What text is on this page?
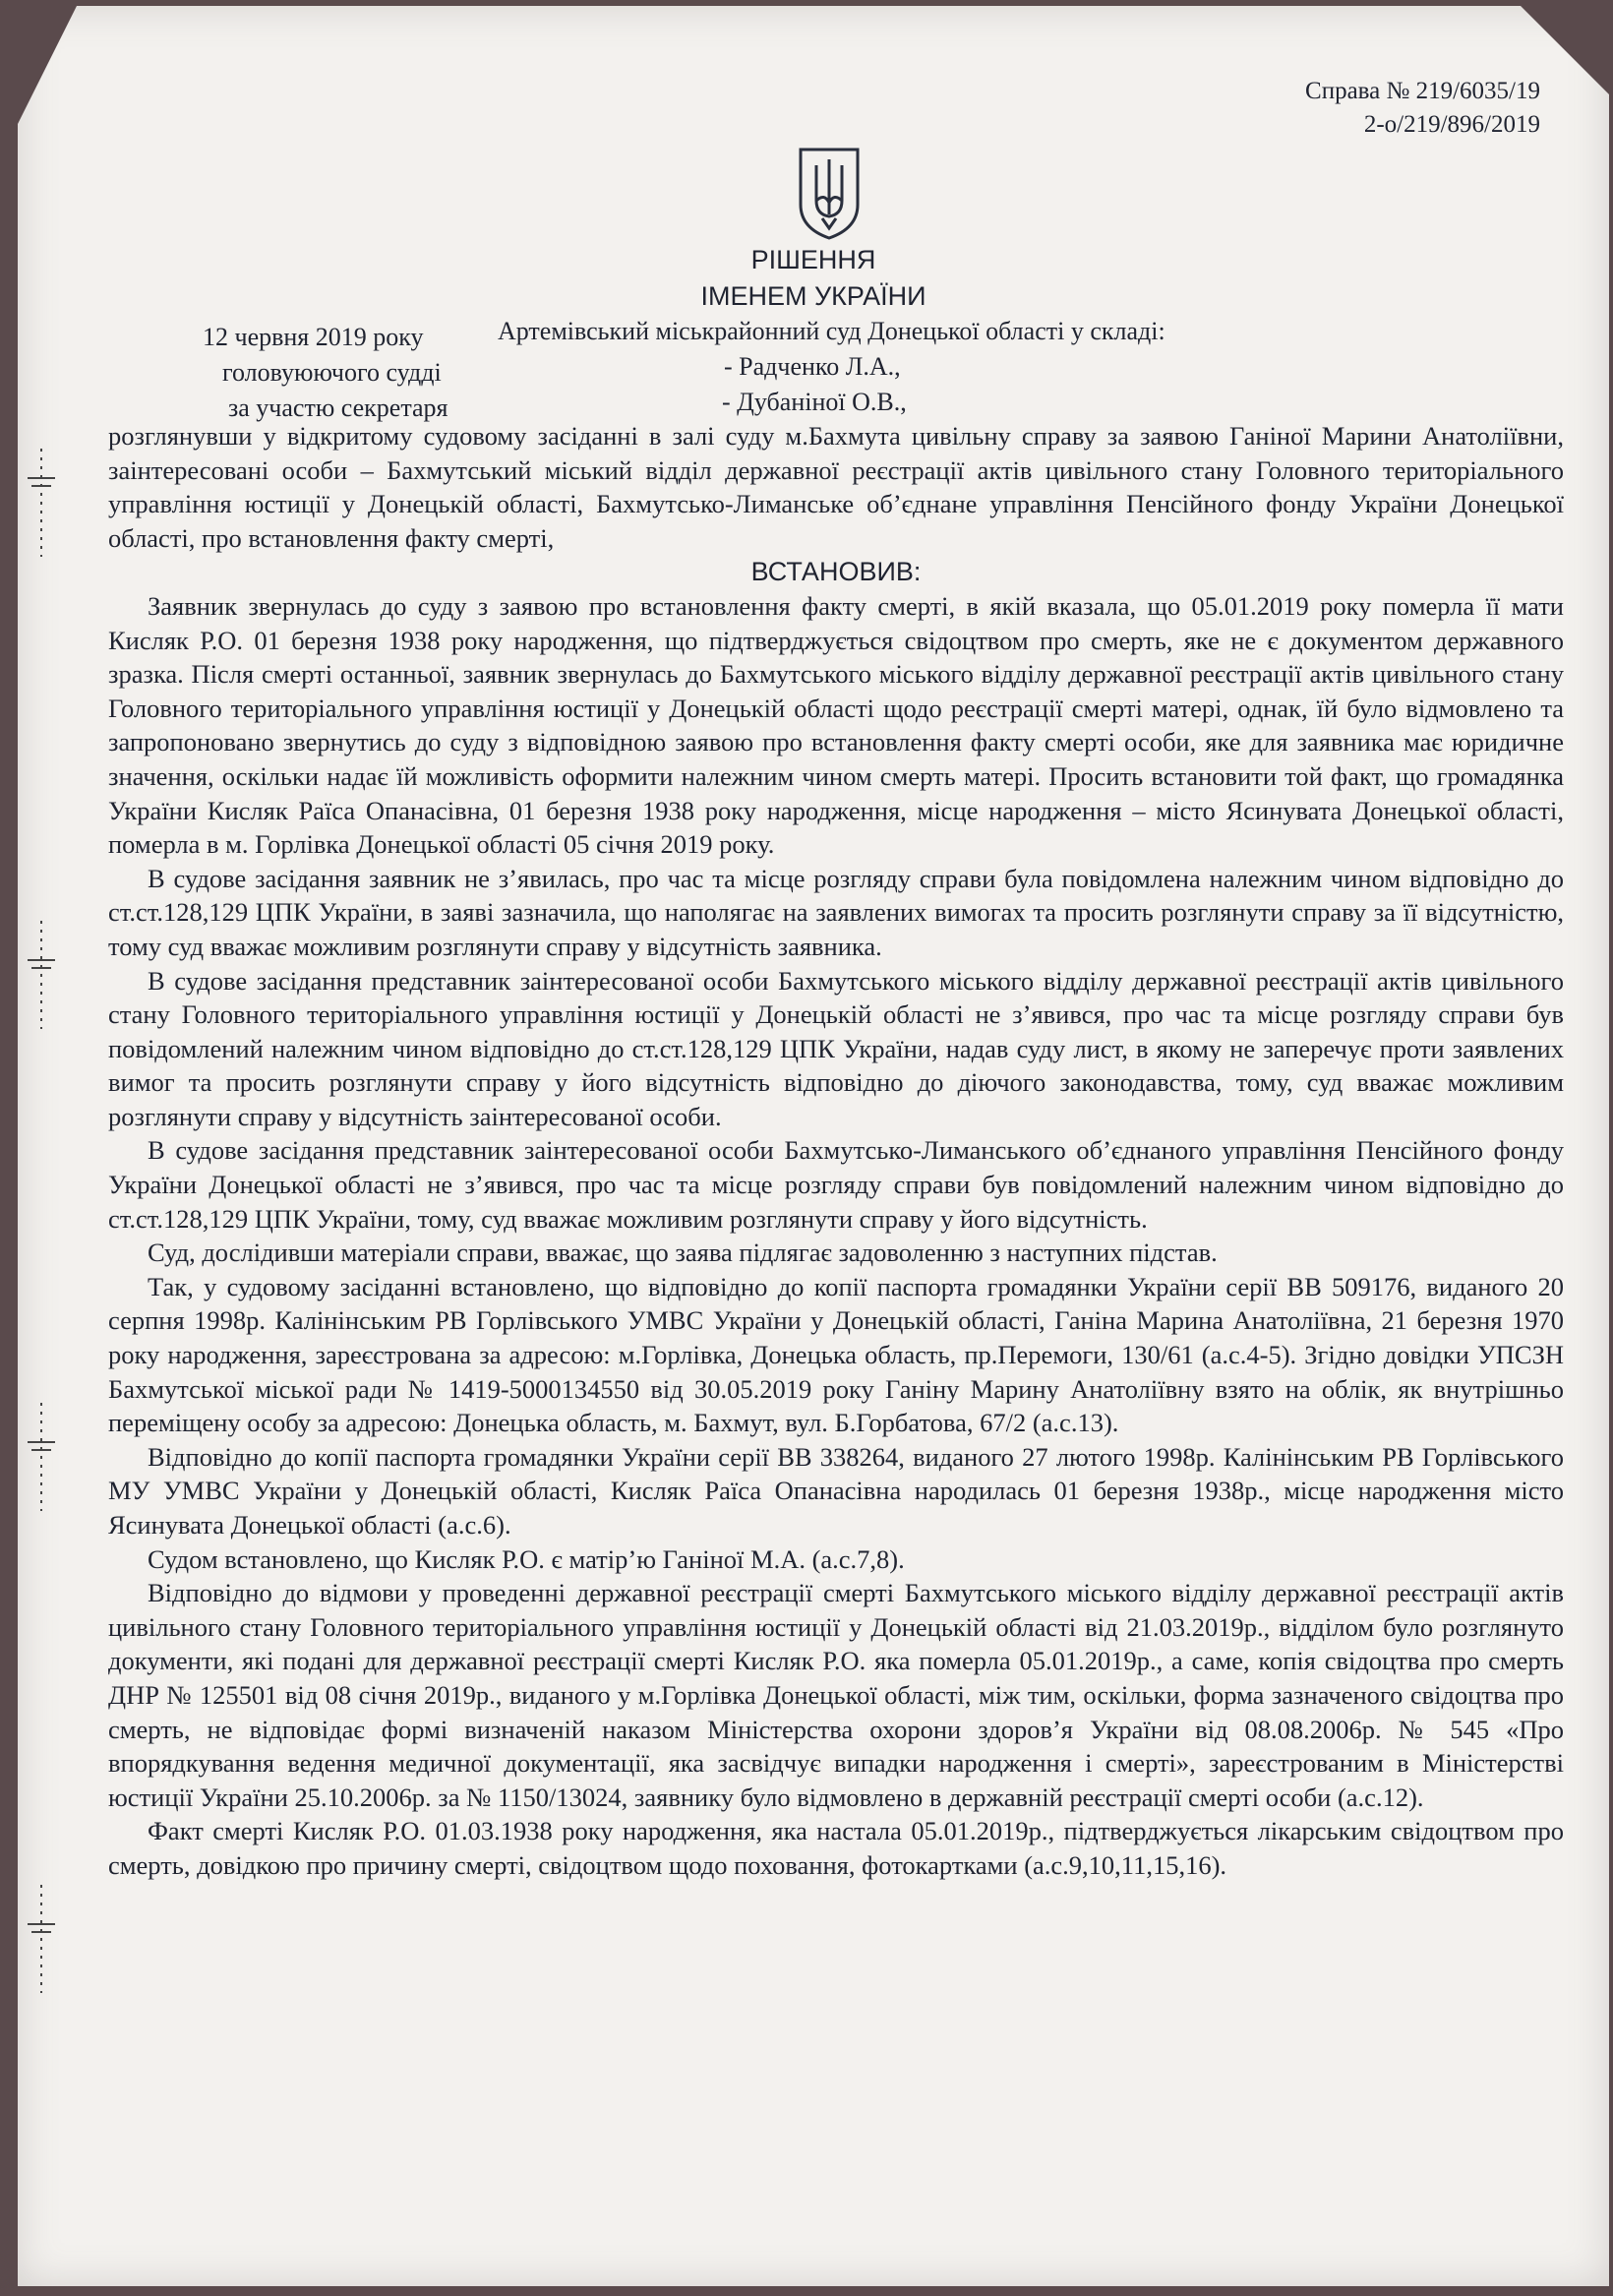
Справа № 219/6035/19
2-о/219/896/2019
РІШЕННЯ
ІМЕНЕМ УКРАЇНИ
12 червня 2019 року	Артемівський міськрайонний суд Донецької області у складі:
головуюючого судді	- Радченко Л.А.,
за участю секретаря	- Дубаніної О.В.,

розглянувши у відкритому судовому засіданні в залі суду м.Бахмута цивільну справу за заявою Ганіної Марини Анатоліївни, заінтересовані особи – Бахмутський міський відділ державної реєстрації актів цивільного стану Головного територіального управління юстиції у Донецькій області, Бахмутсько-Лиманське об’єднане управління Пенсійного фонду України Донецької області, про встановлення факту смерті,

ВСТАНОВИВ:

Заявник звернулась до суду з заявою про встановлення факту смерті, в якій вказала, що 05.01.2019 року померла її мати Кисляк Р.О. 01 березня 1938 року народження, що підтверджується свідоцтвом про смерть, яке не є документом державного зразка. Після смерті останньої, заявник звернулась до Бахмутського міського відділу державної реєстрації актів цивільного стану Головного територіального управління юстиції у Донецькій області щодо реєстрації смерті матері, однак, їй було відмовлено та запропоновано звернутись до суду з відповідною заявою про встановлення факту смерті особи, яке для заявника має юридичне значення, оскільки надає їй можливість оформити належним чином смерть матері. Просить встановити той факт, що громадянка України Кисляк Раїса Опанасівна, 01 березня 1938 року народження, місце народження – місто Ясинувата Донецької області, померла в м. Горлівка Донецької області 05 січня 2019 року.

В судове засідання заявник не з’явилась, про час та місце розгляду справи була повідомлена належним чином відповідно до ст.ст.128,129 ЦПК України, в заяві зазначила, що наполягає на заявлених вимогах та просить розглянути справу за її відсутністю, тому суд вважає можливим розглянути справу у відсутність заявника.

В судове засідання представник заінтересованої особи Бахмутського міського відділу державної реєстрації актів цивільного стану Головного територіального управління юстиції у Донецькій області не з’явився, про час та місце розгляду справи був повідомлений належним чином відповідно до ст.ст.128,129 ЦПК України, надав суду лист, в якому не заперечує проти заявлених вимог та просить розглянути справу у його відсутність відповідно до діючого законодавства, тому, суд вважає можливим розглянути справу у відсутність заінтересованої особи.

В судове засідання представник заінтересованої особи Бахмутсько-Лиманського об’єднаного управління Пенсійного фонду України Донецької області не з’явився, про час та місце розгляду справи був повідомлений належним чином відповідно до ст.ст.128,129 ЦПК України, тому, суд вважає можливим розглянути справу у його відсутність.

Суд, дослідивши матеріали справи, вважає, що заява підлягає задоволенню з наступних підстав.

Так, у судовому засіданні встановлено, що відповідно до копії паспорта громадянки України серії ВВ 509176, виданого 20 серпня 1998р. Калінінським РВ Горлівського УМВС України у Донецькій області, Ганіна Марина Анатоліївна, 21 березня 1970 року народження, зареєстрована за адресою: м.Горлівка, Донецька область, пр.Перемоги, 130/61 (а.с.4-5). Згідно довідки УПСЗН Бахмутської міської ради № 1419-5000134550 від 30.05.2019 року Ганіну Марину Анатоліївну взято на облік, як внутрішньо переміщену особу за адресою: Донецька область, м. Бахмут, вул. Б.Горбатова, 67/2 (а.с.13).

Відповідно до копії паспорта громадянки України серії ВВ 338264, виданого 27 лютого 1998р. Калінінським РВ Горлівського МУ УМВС України у Донецькій області, Кисляк Раїса Опанасівна народилась 01 березня 1938р., місце народження місто Ясинувата Донецької області (а.с.6).

Судом встановлено, що Кисляк Р.О. є матір’ю Ганіної М.А. (а.с.7,8).

Відповідно до відмови у проведенні державної реєстрації смерті Бахмутського міського відділу державної реєстрації актів цивільного стану Головного територіального управління юстиції у Донецькій області від 21.03.2019р., відділом було розглянуто документи, які подані для державної реєстрації смерті Кисляк Р.О. яка померла 05.01.2019р., а саме, копія свідоцтва про смерть ДНР № 125501 від 08 січня 2019р., виданого у м.Горлівка Донецької області, між тим, оскільки, форма зазначеного свідоцтва про смерть, не відповідає формі визначеній наказом Міністерства охорони здоров’я України від 08.08.2006р. № 545 «Про впорядкування ведення медичної документації, яка засвідчує випадки народження і смерті», зареєстрованим в Міністерстві юстиції України 25.10.2006р. за № 1150/13024, заявнику було відмовлено в державній реєстрації смерті особи (а.с.12).

Факт смерті Кисляк Р.О. 01.03.1938 року народження, яка настала 05.01.2019р., підтверджується лікарським свідоцтвом про смерть, довідкою про причину смерті, свідоцтвом щодо поховання, фотокартками (а.с.9,10,11,15,16).
